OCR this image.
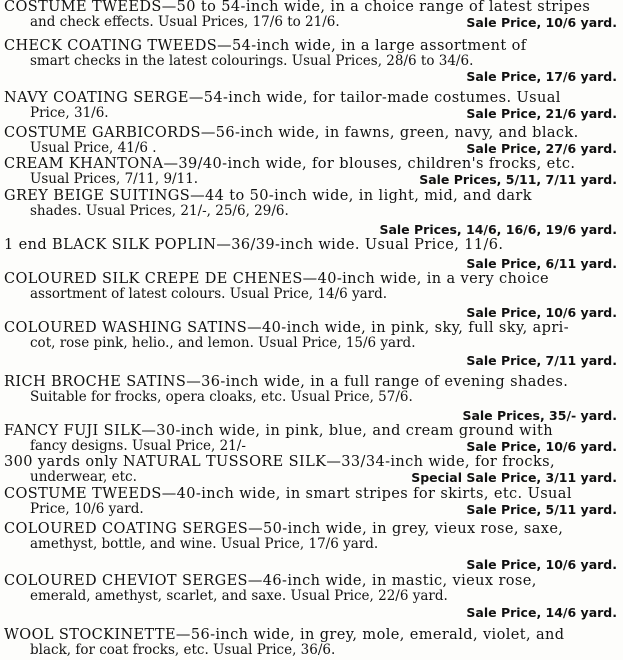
COSTUME TWEEDS—50 to 54-inch wide, in a choice range of latest stripes
and check effects. Usual Prices, 17/6 to 21/6.	Sale Price, 10/6 yard.
CHECK COATING TWEEDS—54-inch wide, in a large assortment of
smart checks in the latest colourings. Usual Prices, 28/6 to 34/6.
Sale Price, 17/6 yard.
NAVY COATING SERGE—54-inch wide, for tailor-made costumes. Usual
Price, 31/6.	Sale Price, 21/6 yard.
COSTUME GARBICORDS—56-inch wide, in fawns, green, navy, and black.
Usual Price, 41/6 .	Sale Price, 27/6 yard.
CREAM KHANTONA—39/40-inch wide, for blouses, children's frocks, etc.
Usual Prices, 7/11, 9/11.	Sale Prices, 5/11, 7/11 yard.
GREY BEIGE SUITINGS—44 to 50-inch wide, in light, mid, and dark
shades. Usual Prices, 21/-, 25/6, 29/6.
Sale Prices, 14/6, 16/6, 19/6 yard.
1 end BLACK SILK POPLIN—36/39-inch wide. Usual Price, 11/6.
Sale Price, 6/11 yard.
COLOURED SILK CREPE DE CHENES—40-inch wide, in a very choice
assortment of latest colours. Usual Price, 14/6 yard.
Sale Price, 10/6 yard.
COLOURED WASHING SATINS—40-inch wide, in pink, sky, full sky, apri-
cot, rose pink, helio., and lemon. Usual Price, 15/6 yard.
Sale Price, 7/11 yard.
RICH BROCHE SATINS—36-inch wide, in a full range of evening shades.
Suitable for frocks, opera cloaks, etc. Usual Price, 57/6.
Sale Prices, 35/- yard.
FANCY FUJI SILK—30-inch wide, in pink, blue, and cream ground with
fancy designs. Usual Price, 21/-	Sale Price, 10/6 yard.
300 yards only NATURAL TUSSORE SILK—33/34-inch wide, for frocks,
underwear, etc.	Special Sale Price, 3/11 yard.
COSTUME TWEEDS—40-inch wide, in smart stripes for skirts, etc. Usual
Price, 10/6 yard.	Sale Price, 5/11 yard.
COLOURED COATING SERGES—50-inch wide, in grey, vieux rose, saxe,
amethyst, bottle, and wine. Usual Price, 17/6 yard.
Sale Price, 10/6 yard.
COLOURED CHEVIOT SERGES—46-inch wide, in mastic, vieux rose,
emerald, amethyst, scarlet, and saxe. Usual Price, 22/6 yard.
Sale Price, 14/6 yard.
WOOL STOCKINETTE—56-inch wide, in grey, mole, emerald, violet, and
black, for coat frocks, etc. Usual Price, 36/6.
